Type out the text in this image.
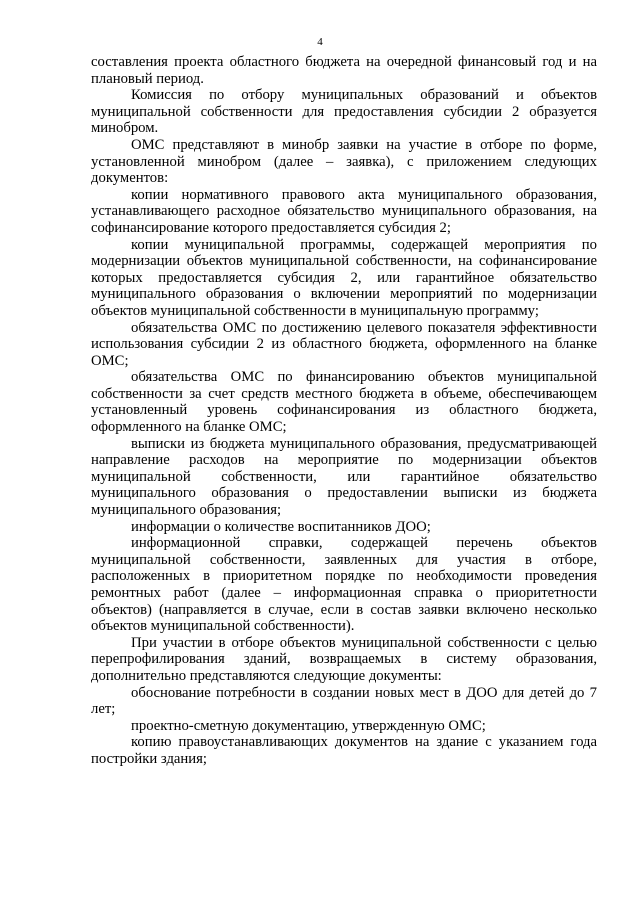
4

составления проекта областного бюджета на очередной финансовый год и на плановый период.

Комиссия по отбору муниципальных образований и объектов муниципальной собственности для предоставления субсидии 2 образуется минобром.

ОМС представляют в минобр заявки на участие в отборе по форме, установленной минобром (далее – заявка), с приложением следующих документов:

копии нормативного правового акта муниципального образования, устанавливающего расходное обязательство муниципального образования, на софинансирование которого предоставляется субсидия 2;

копии муниципальной программы, содержащей мероприятия по модернизации объектов муниципальной собственности, на софинансирование которых предоставляется субсидия 2, или гарантийное обязательство муниципального образования о включении мероприятий по модернизации объектов муниципальной собственности в муниципальную программу;

обязательства ОМС по достижению целевого показателя эффективности использования субсидии 2 из областного бюджета, оформленного на бланке ОМС;

обязательства ОМС по финансированию объектов муниципальной собственности за счет средств местного бюджета в объеме, обеспечивающем установленный уровень софинансирования из областного бюджета, оформленного на бланке ОМС;

выписки из бюджета муниципального образования, предусматривающей направление расходов на мероприятие по модернизации объектов муниципальной собственности, или гарантийное обязательство муниципального образования о предоставлении выписки из бюджета муниципального образования;

информации о количестве воспитанников ДОО;

информационной справки, содержащей перечень объектов муниципальной собственности, заявленных для участия в отборе, расположенных в приоритетном порядке по необходимости проведения ремонтных работ (далее – информационная справка о приоритетности объектов) (направляется в случае, если в состав заявки включено несколько объектов муниципальной собственности).

При участии в отборе объектов муниципальной собственности с целью перепрофилирования зданий, возвращаемых в систему образования, дополнительно представляются следующие документы:

обоснование потребности в создании новых мест в ДОО для детей до 7 лет;

проектно-сметную документацию, утвержденную ОМС;

копию правоустанавливающих документов на здание с указанием года постройки здания;
